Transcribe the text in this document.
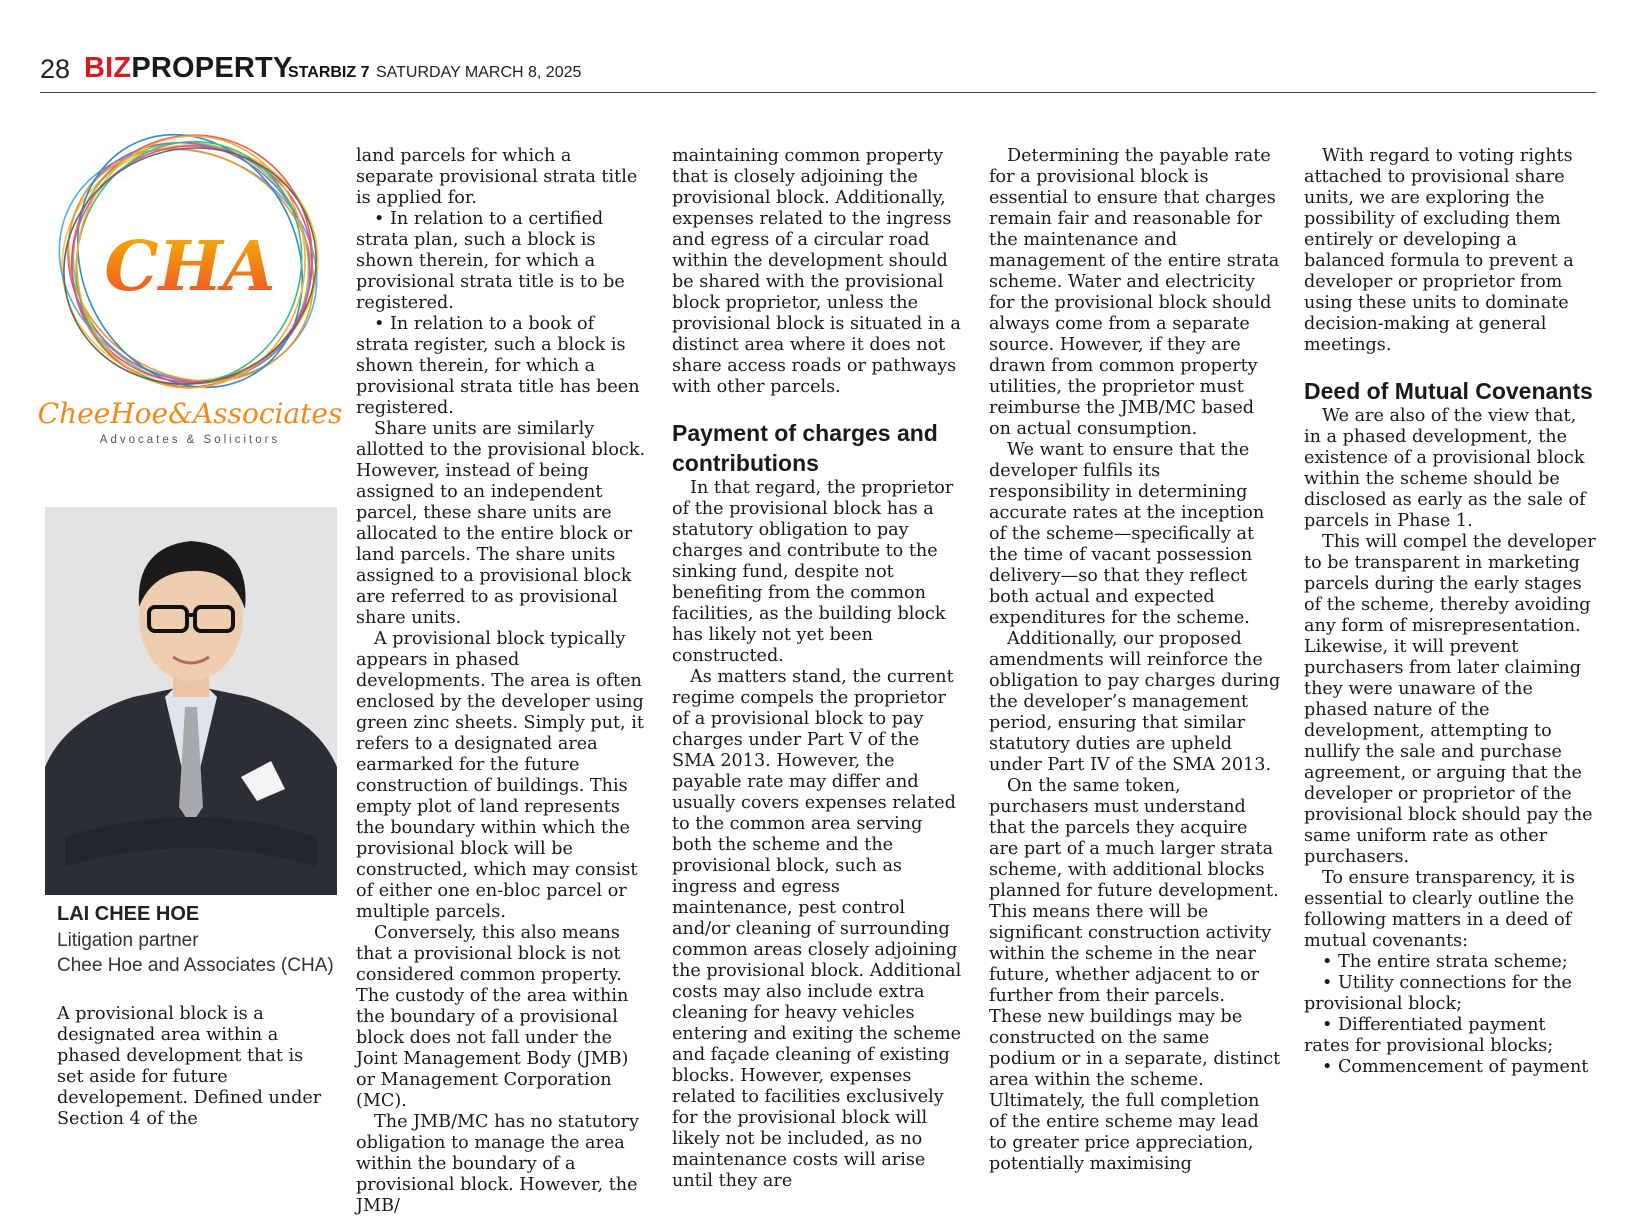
28 BIZPROPERTY
STARBIZ 7 SATURDAY MARCH 8, 2025
CHA
CheeHoe&Associates
Advocates & Solicitors
LAI CHEE HOE
Litigation partner
Chee Hoe and Associates (CHA)

A provisional block is a designated area within a phased development that is set aside for future developement. Defined under Section 4 of the

land parcels for which a separate provisional strata title is applied for.

• In relation to a certified strata plan, such a block is shown therein, for which a provisional strata title is to be registered.

• In relation to a book of strata register, such a block is shown therein, for which a provisional strata title has been registered.

Share units are similarly allotted to the provisional block. However, instead of being assigned to an independent parcel, these share units are allocated to the entire block or land parcels. The share units assigned to a provisional block are referred to as provisional share units.

A provisional block typically appears in phased developments. The area is often enclosed by the developer using green zinc sheets. Simply put, it refers to a designated area earmarked for the future construction of buildings. This empty plot of land represents the boundary within which the provisional block will be constructed, which may consist of either one en-bloc parcel or multiple parcels.

Conversely, this also means that a provisional block is not considered common property. The custody of the area within the boundary of a provisional block does not fall under the Joint Management Body (JMB) or Management Corporation (MC).

The JMB/MC has no statutory obligation to manage the area within the boundary of a provisional block. However, the JMB/

maintaining common property that is closely adjoining the provisional block. Additionally, expenses related to the ingress and egress of a circular road within the development should be shared with the provisional block proprietor, unless the provisional block is situated in a distinct area where it does not share access roads or pathways with other parcels.

Payment of charges and contributions

In that regard, the proprietor of the provisional block has a statutory obligation to pay charges and contribute to the sinking fund, despite not benefiting from the common facilities, as the building block has likely not yet been constructed.

As matters stand, the current regime compels the proprietor of a provisional block to pay charges under Part V of the SMA 2013. However, the payable rate may differ and usually covers expenses related to the common area serving both the scheme and the provisional block, such as ingress and egress maintenance, pest control and/or cleaning of surrounding common areas closely adjoining the provisional block. Additional costs may also include extra cleaning for heavy vehicles entering and exiting the scheme and façade cleaning of existing blocks. However, expenses related to facilities exclusively for the provisional block will likely not be included, as no maintenance costs will arise until they are

Determining the payable rate for a provisional block is essential to ensure that charges remain fair and reasonable for the maintenance and management of the entire strata scheme. Water and electricity for the provisional block should always come from a separate source. However, if they are drawn from common property utilities, the proprietor must reimburse the JMB/MC based on actual consumption.

We want to ensure that the developer fulfils its responsibility in determining accurate rates at the inception of the scheme—specifically at the time of vacant possession delivery—so that they reflect both actual and expected expenditures for the scheme.

Additionally, our proposed amendments will reinforce the obligation to pay charges during the developer’s management period, ensuring that similar statutory duties are upheld under Part IV of the SMA 2013.

On the same token, purchasers must understand that the parcels they acquire are part of a much larger strata scheme, with additional blocks planned for future development. This means there will be significant construction activity within the scheme in the near future, whether adjacent to or further from their parcels. These new buildings may be constructed on the same podium or in a separate, distinct area within the scheme. Ultimately, the full completion of the entire scheme may lead to greater price appreciation, potentially maximising

With regard to voting rights attached to provisional share units, we are exploring the possibility of excluding them entirely or developing a balanced formula to prevent a developer or proprietor from using these units to dominate decision-making at general meetings.

Deed of Mutual Covenants

We are also of the view that, in a phased development, the existence of a provisional block within the scheme should be disclosed as early as the sale of parcels in Phase 1.

This will compel the developer to be transparent in marketing parcels during the early stages of the scheme, thereby avoiding any form of misrepresentation. Likewise, it will prevent purchasers from later claiming they were unaware of the phased nature of the development, attempting to nullify the sale and purchase agreement, or arguing that the developer or proprietor of the provisional block should pay the same uniform rate as other purchasers.

To ensure transparency, it is essential to clearly outline the following matters in a deed of mutual covenants:

• The entire strata scheme;

• Utility connections for the provisional block;

• Differentiated payment rates for provisional blocks;

• Commencement of payment
